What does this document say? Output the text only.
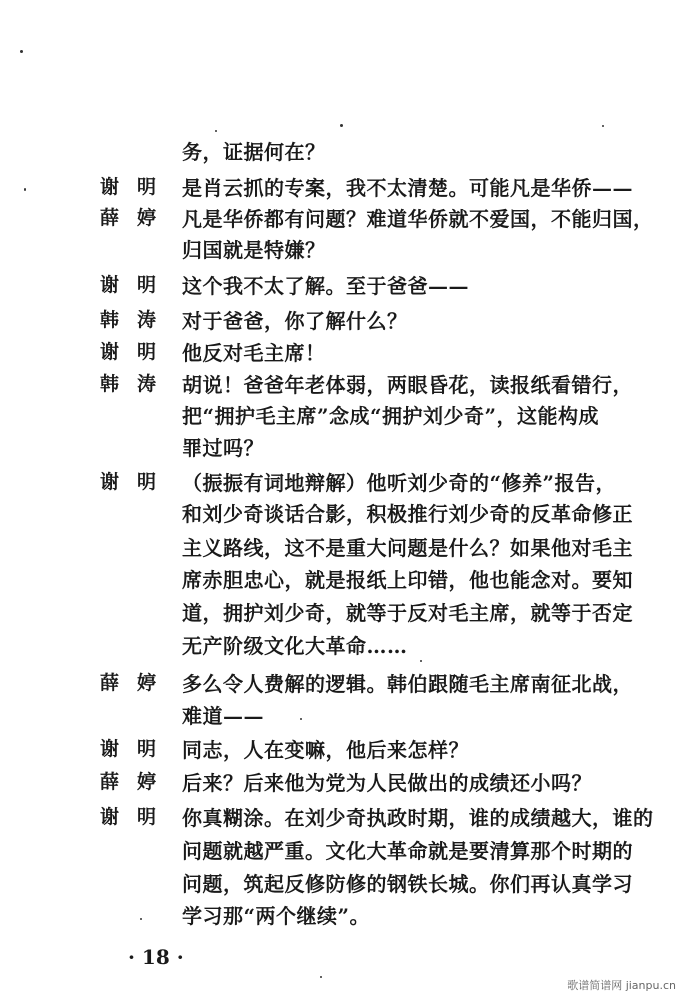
务，证据何在？
谢明 是肖云抓的专案，我不太清楚。可能凡是华侨——
薛婷 凡是华侨都有问题？难道华侨就不爱国，不能归国，
归国就是特嫌？
谢明 这个我不太了解。至于爸爸——
韩涛 对于爸爸，你了解什么？
谢明 他反对毛主席！
韩涛 胡说！爸爸年老体弱，两眼昏花，读报纸看错行，
把“拥护毛主席”念成“拥护刘少奇”，这能构成
罪过吗？
谢明 （振振有词地辩解）他听刘少奇的“修养”报告，
和刘少奇谈话合影，积极推行刘少奇的反革命修正
主义路线，这不是重大问题是什么？如果他对毛主
席赤胆忠心，就是报纸上印错，他也能念对。要知
道，拥护刘少奇，就等于反对毛主席，就等于否定
无产阶级文化大革命……
薛婷 多么令人费解的逻辑。韩伯跟随毛主席南征北战，
难道——
谢明 同志，人在变嘛，他后来怎样？
薛婷 后来？后来他为党为人民做出的成绩还小吗？
谢明 你真糊涂。在刘少奇执政时期，谁的成绩越大，谁的
问题就越严重。文化大革命就是要清算那个时期的
问题，筑起反修防修的钢铁长城。你们再认真学习
学习那“两个继续”。
· 18 ·
歌谱简谱网 jianpu.cn
